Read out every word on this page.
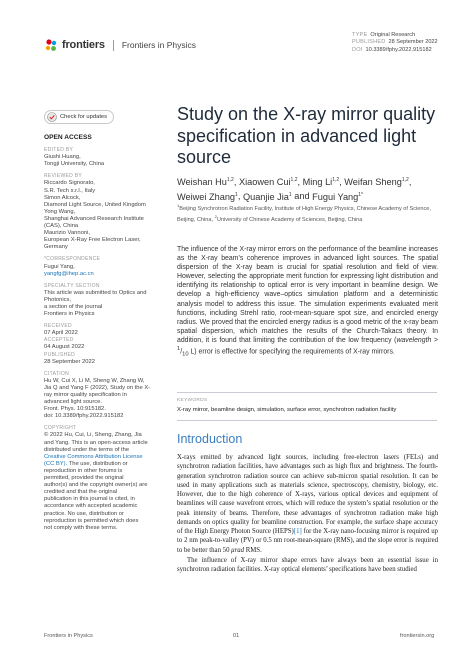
frontiers Frontiers in Physics
TYPE Original Research
PUBLISHED 28 September 2022
DOI 10.3389/fphy.2022.915182
Check for updates
OPEN ACCESS
EDITED BY
Giushi Huang,
Tongji University, China
REVIEWED BY
Riccardo Signorato,
S.R. Tech s.r.l., Italy
Simon Alcock,
Diamond Light Source, United Kingdom
Yong Wang,
Shanghai Advanced Research Institute
(CAS), China
Maurizio Vannoni,
European X-Ray Free Electron Laser,
Germany
*CORRESPONDENCE
Fugui Yang,
yangfg@ihep.ac.cn
SPECIALTY SECTION
This article was submitted to Optics and
Photonics,
a section of the journal
Frontiers in Physics
RECEIVED
07 April 2022
ACCEPTED
04 August 2022
PUBLISHED
28 September 2022
CITATION
Hu W, Cui X, Li M, Sheng W, Zhang W,
Jia Q and Yang F (2022), Study on the X-
ray mirror quality specification in
advanced light source.
Front. Phys. 10:915182.
doi: 10.3389/fphy.2022.915182
COPYRIGHT
© 2022 Hu, Cui, Li, Sheng, Zhang, Jia
and Yang. This is an open-access article
distributed under the terms of the
Creative Commons Attribution License
(CC BY). The use, distribution or
reproduction in other forums is
permitted, provided the original
author(s) and the copyright owner(s) are
credited and that the original
publication in this journal is cited, in
accordance with accepted academic
practice. No use, distribution or
reproduction is permitted which does
not comply with these terms.
Study on the X-ray mirror quality specification in advanced light source
Weishan Hu$^{1,2}$, Xiaowen Cui$^{1,2}$, Ming Li$^{1,2}$, Weifan Sheng$^{1,2}$, Weiwei Zhang$^1$, Quanjie Jia$^1$ and Fugui Yang$^{1*}$
$^1$Beijing Synchrotron Radiation Facility, Institute of High Energy Physics, Chinese Academy of Science, Beijing, China, $^2$University of Chinese Academy of Sciences, Beijing, China
The influence of the X-ray mirror errors on the performance of the beamline increases as the X-ray beam’s coherence improves in advanced light sources. The spatial dispersion of the X-ray beam is crucial for spatial resolution and field of view. However, selecting the appropriate merit function for expressing light distribution and identifying its relationship to optical error is very important in beamline design. We develop a high-efficiency wave–optics simulation platform and a deterministic analysis model to address this issue. The simulation experiments evaluated merit functions, including Strehl ratio, root-mean-square spot size, and encircled energy radius. We proved that the encircled energy radius is a good metric of the x-ray beam spatial dispersion, which matches the results of the Church-Takacs theory. In addition, it is found that limiting the contribution of the low frequency (wavelength > $^1/_{10}$ L) error is effective for specifying the requirements of X-ray mirrors.
KEYWORDS
X-ray mirror, beamline design, simulation, surface error, synchrotron radiation facility
Introduction

X-rays emitted by advanced light sources, including free-electron lasers (FELs) and synchrotron radiation facilities, have advantages such as high flux and brightness. The fourth-generation synchrotron radiation source can achieve sub-micron spatial resolution. It can be used in many applications such as materials science, spectroscopy, chemistry, biology, etc. However, due to the high coherence of X-rays, various optical devices and equipment of beamlines will cause wavefront errors, which will reduce the system’s spatial resolution or the peak intensity of beams. Therefore, these advantages of synchrotron radiation make high demands on optics quality for beamline construction. For example, the surface shape accuracy of the High Energy Photon Source (HEPS)[1] for the X-ray nano-focusing mirror is required up to 2 nm peak-to-valley (PV) or 0.5 nm root-mean-square (RMS), and the slope error is required to be better than 50 μrad RMS.

The influence of X-ray mirror shape errors have always been an essential issue in synchrotron radiation facilities. X-ray optical elements’ specifications have been studied

Frontiers in Physics	01	frontiersin.org
